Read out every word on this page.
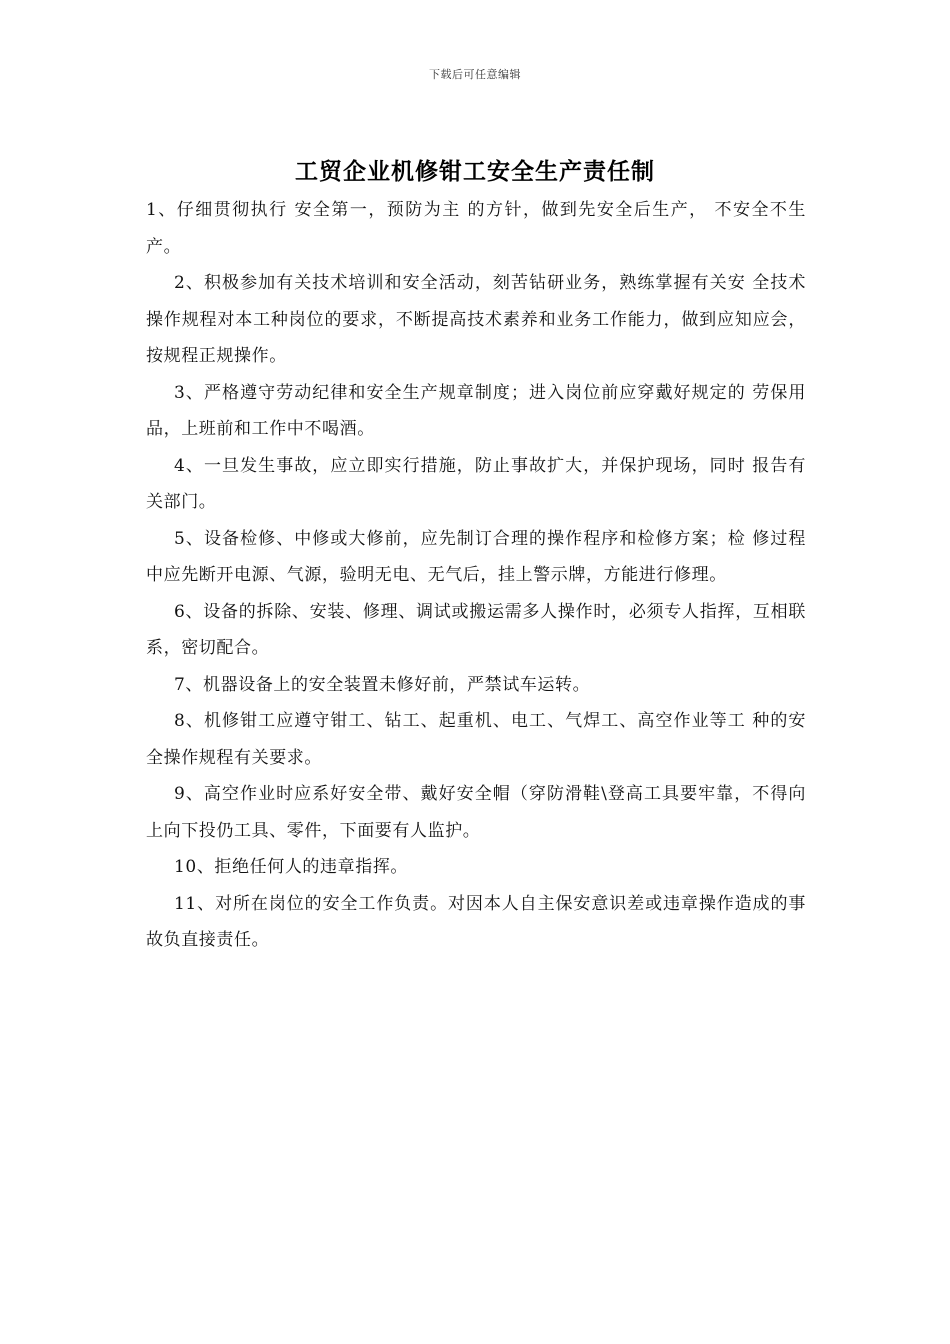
下载后可任意编辑
工贸企业机修钳工安全生产责任制

1、仔细贯彻执行 安全第一，预防为主 的方针，做到先安全后生产， 不安全不生产。

2、积极参加有关技术培训和安全活动，刻苦钻研业务，熟练掌握有关安 全技术操作规程对本工种岗位的要求，不断提高技术素养和业务工作能力，做到应知应会，按规程正规操作。

3、严格遵守劳动纪律和安全生产规章制度；进入岗位前应穿戴好规定的 劳保用品，上班前和工作中不喝酒。

4、一旦发生事故，应立即实行措施，防止事故扩大，并保护现场，同时 报告有关部门。

5、设备检修、中修或大修前，应先制订合理的操作程序和检修方案；检 修过程中应先断开电源、气源，验明无电、无气后，挂上警示牌，方能进行修理。

6、设备的拆除、安装、修理、调试或搬运需多人操作时，必须专人指挥，互相联系，密切配合。

7、机器设备上的安全装置未修好前，严禁试车运转。

8、机修钳工应遵守钳工、钻工、起重机、电工、气焊工、高空作业等工 种的安全操作规程有关要求。

9、高空作业时应系好安全带、戴好安全帽（穿防滑鞋\登高工具要牢靠，不得向上向下投仍工具、零件，下面要有人监护。

10、拒绝任何人的违章指挥。

11、对所在岗位的安全工作负责。对因本人自主保安意识差或违章操作造成的事故负直接责任。
